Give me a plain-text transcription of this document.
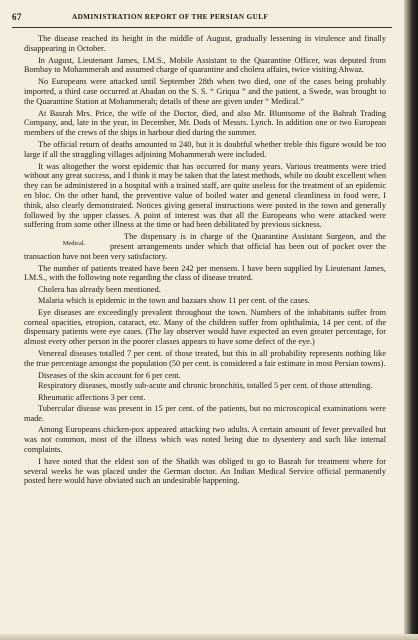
67	ADMINISTRATION REPORT OF THE PERSIAN GULF

The disease reached its height in the middle of August, gradually lessening in virulence and finally disappearing in October.

In August, Lieutenant James, I.M.S., Mobile Assistant to the Quarantine Officer, was deputed from Bombay to Mohammerah and assumed charge of quarantine and cholera affairs, twice visiting Ahwaz.

No Europeans were attacked until September 28th when two died, one of the cases being probably imported, a third case occurred at Abadan on the S. S. “ Griqua ” and the patient, a Swede, was brought to the Quarantine Station at Mohammerah; details of these are given under “ Medical.”

At Basrah Mrs. Price, the wife of the Doctor, died, and also Mr. Bluntsome of the Bahrah Trading Company, and, late in the year, in December, Mr. Dods of Messrs. Lynch. In addition one or two European members of the crews of the ships in harbour died during the summer.

The official return of deaths amounted to 240, but it is doubtful whether treble this figure would be too large if all the straggling villages adjoining Mohammerah were included.

It was altogether the worst epidemic that has occurred for many years. Various treatments were tried without any great success, and I think it may be taken that the latest methods, while no doubt excellent when they can be administered in a hospital with a trained staff, are quite useless for the treatment of an epidemic en bloc. On the other hand, the preventive value of boiled water and general cleanliness in food were, I think, also clearly demonstrated. Notices giving general instructions were posted in the town and generally followed by the upper classes. A point of interest was that all the Europeans who were attacked were suffering from some other illness at the time or had been debilitated by previous sickness.

Medical.
The dispensary is in charge of the Quarantine Assistant Surgeon, and the present arrangements under which that official has been out of pocket over the transaction have not been very satisfactory.

The number of patients treated have been 242 per mensem. I have been supplied by Lieutenant James, I.M.S., with the following note regarding the class of disease treated.

Cholera has already been mentioned.

Malaria which is epidemic in the town and bazaars show 11 per cent. of the cases.

Eye diseases are exceedingly prevalent throughout the town. Numbers of the inhabitants suffer from corneal opacities, etropion, cataract, etc. Many of the children suffer from ophthalmia, 14 per cent. of the dispensary patients were eye cases. (The lay observer would have expected an even greater percentage, for almost every other person in the poorer classes appears to have some defect of the eye.)

Venereal diseases totalled 7 per cent. of those treated, but this in all probability represents nothing like the true percentage amongst the population (50 per cent. is considered a fair estimate in most Persian towns).

Diseases of the skin account for 6 per cent.

Respiratory diseases, mostly sub-acute and chronic bronchitis, totalled 5 per cent. of those attending.

Rheumatic affections 3 per cent.

Tubercular disease was present in 15 per cent. of the patients, but no microscopical examinations were made.

Among Europeans chicken-pox appeared attacking two adults. A certain amount of fever prevailed but was not common, most of the illness which was noted being due to dysentery and such like internal complaints.

I have noted that the eldest son of the Shaikh was obliged to go to Basrah for treatment where for several weeks he was placed under the German doctor. An Indian Medical Service official permanently posted here would have obviated such an undesirable happening.
